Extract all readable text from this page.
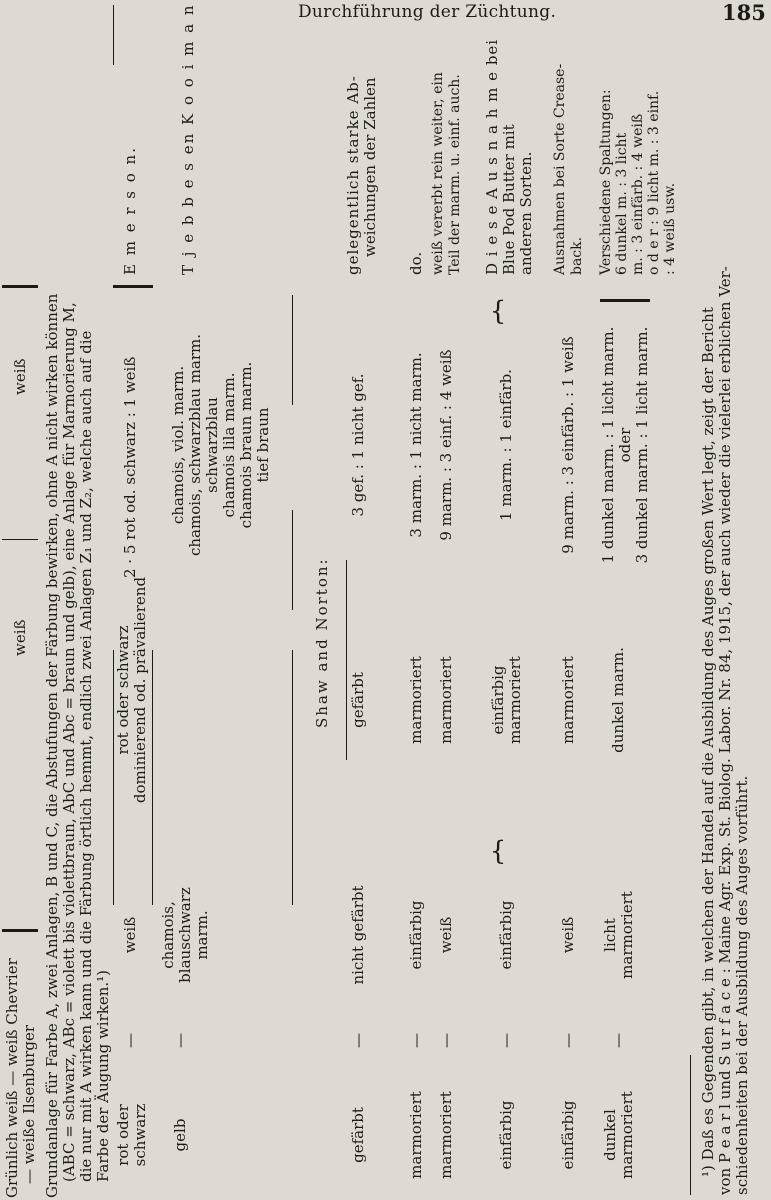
Durchführung der Züchtung.	185
Grünlich weiß — weiß Chevrier — weiße Ilsenburger
weiß
weiß Grundanlage für Farbe A, zwei Anlagen, B und C, die Abstufungen der Färbung bewirken, ohne A nicht wirken können (ABC = schwarz, ABc = violett bis violettbraun, AbC und Abc = braun und gelb), eine Anlage für Marmorierung M, die nur mit A wirken kann und die Färbung örtlich hemmt, endlich zwei Anlagen Z₁ und Z₂, welche auch auf die Farbe der Äugung wirken.¹) rot oder schwarz
—
weiß
rot oder schwarz dominierend od. prävalierend
2 · 5 rot od. schwarz : 1 weiß
E m e r s o n.
gelb
—
chamois, blauschwarz marm.
chamois, viol. marm. chamois, schwarzblau marm. schwarzblau chamois lila marm. chamois braun marm. tief braun
T j e b b e s en K o o i m a n
Shaw and Norton:
gefärbt
—
nicht gefärbt
gefärbt
3 gef. : 1 nicht gef.
gelegentlich starke Ab- weichungen der Zahlen
marmoriert
—
einfärbig
marmoriert
3 marm. : 1 nicht marm.
do.
marmoriert
—
weiß
marmoriert
9 marm. : 3 einf. : 4 weiß
weiß vererbt rein weiter, ein Teil der marm. u. einf. auch.
{
{
einfärbig
—
einfärbig
einfärbig marmoriert
1 marm. : 1 einfärb.
D i e s e A u s n a h m e bei Blue Pod Butter mit anderen Sorten.
einfärbig
—
weiß
marmoriert
9 marm. : 3 einfärb. : 1 weiß
Ausnahmen bei Sorte Crease- back.
dunkel marmoriert
—
licht marmoriert
dunkel marm.
1 dunkel marm. : 1 licht marm. oder 3 dunkel marm. : 1 licht marm.
Verschiedene Spaltungen: 6 dunkel m. : 3 licht m. : 3 einfärb. : 4 weiß o d e r : 9 licht m. : 3 einf. : 4 weiß usw.
¹) Daß es Gegenden gibt, in welchen der Handel auf die Ausbildung des Auges großen Wert legt, zeigt der Bericht von P e a r l und S u r f a c e : Maine Agr. Exp. St. Biolog. Labor. Nr. 84, 1915, der auch wieder die vielerlei erblichen Ver- schiedenheiten bei der Ausbildung des Auges vorführt.
